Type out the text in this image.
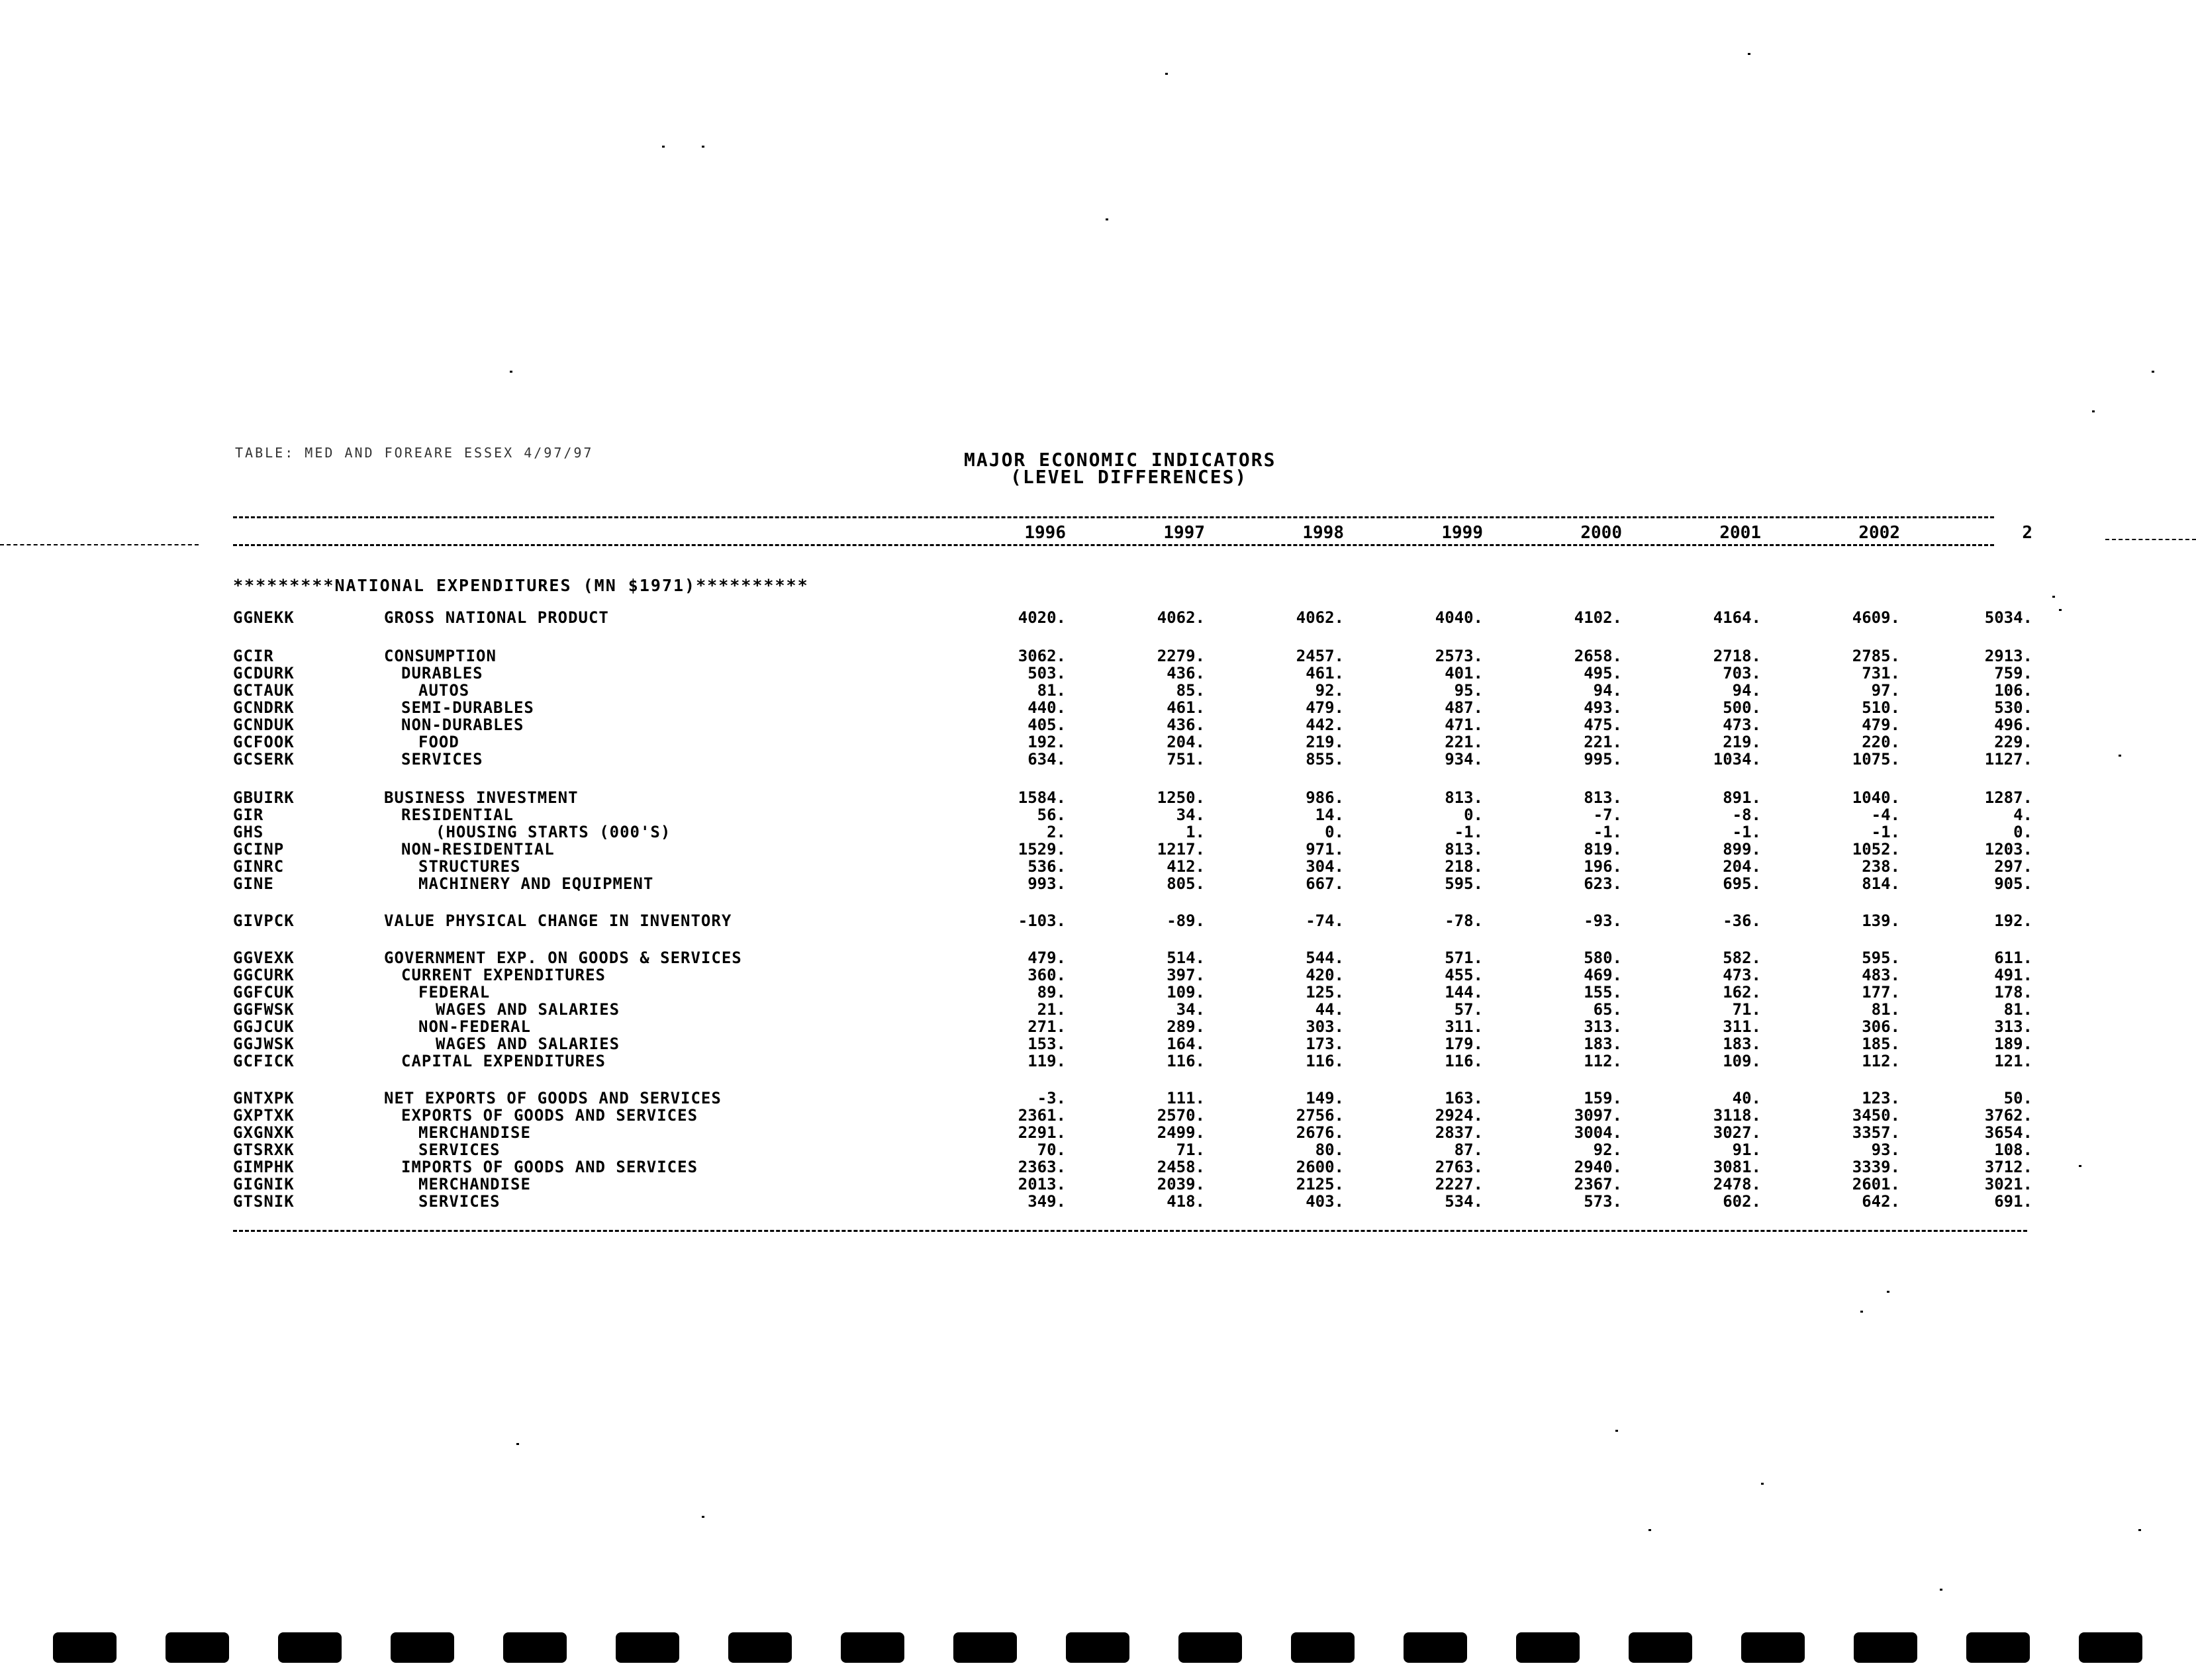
TABLE: MED AND FOREARE ESSEX 4/97/97	MAJOR ECONOMIC INDICATORS
(LEVEL DIFFERENCES)
1996	1997	1998	1999	2000	2001	2002	2
*********NATIONAL EXPENDITURES (MN $1971)**********
GGNEKK	GROSS NATIONAL PRODUCT	4020.	4062.	4062.	4040.	4102.	4164.	4609.	5034.
GCIR	CONSUMPTION	3062.	2279.	2457.	2573.	2658.	2718.	2785.	2913.
GCDURK	DURABLES	503.	436.	461.	401.	495.	703.	731.	759.
GCTAUK	AUTOS	81.	85.	92.	95.	94.	94.	97.	106.
GCNDRK	SEMI-DURABLES	440.	461.	479.	487.	493.	500.	510.	530.
GCNDUK	NON-DURABLES	405.	436.	442.	471.	475.	473.	479.	496.
GCFOOK	FOOD	192.	204.	219.	221.	221.	219.	220.	229.
GCSERK	SERVICES	634.	751.	855.	934.	995.	1034.	1075.	1127.
GBUIRK	BUSINESS INVESTMENT	1584.	1250.	986.	813.	813.	891.	1040.	1287.
GIR	RESIDENTIAL	56.	34.	14.	0.	-7.	-8.	-4.	4.
GHS	(HOUSING STARTS (000'S)	2.	1.	0.	-1.	-1.	-1.	-1.	0.
GCINP	NON-RESIDENTIAL	1529.	1217.	971.	813.	819.	899.	1052.	1203.
GINRC	STRUCTURES	536.	412.	304.	218.	196.	204.	238.	297.
GINE	MACHINERY AND EQUIPMENT	993.	805.	667.	595.	623.	695.	814.	905.
GIVPCK	VALUE PHYSICAL CHANGE IN INVENTORY	-103.	-89.	-74.	-78.	-93.	-36.	139.	192.
GGVEXK	GOVERNMENT EXP. ON GOODS & SERVICES	479.	514.	544.	571.	580.	582.	595.	611.
GGCURK	CURRENT EXPENDITURES	360.	397.	420.	455.	469.	473.	483.	491.
GGFCUK	FEDERAL	89.	109.	125.	144.	155.	162.	177.	178.
GGFWSK	WAGES AND SALARIES	21.	34.	44.	57.	65.	71.	81.	81.
GGJCUK	NON-FEDERAL	271.	289.	303.	311.	313.	311.	306.	313.
GGJWSK	WAGES AND SALARIES	153.	164.	173.	179.	183.	183.	185.	189.
GCFICK	CAPITAL EXPENDITURES	119.	116.	116.	116.	112.	109.	112.	121.
GNTXPK	NET EXPORTS OF GOODS AND SERVICES	-3.	111.	149.	163.	159.	40.	123.	50.
GXPTXK	EXPORTS OF GOODS AND SERVICES	2361.	2570.	2756.	2924.	3097.	3118.	3450.	3762.
GXGNXK	MERCHANDISE	2291.	2499.	2676.	2837.	3004.	3027.	3357.	3654.
GTSRXK	SERVICES	70.	71.	80.	87.	92.	91.	93.	108.
GIMPHK	IMPORTS OF GOODS AND SERVICES	2363.	2458.	2600.	2763.	2940.	3081.	3339.	3712.
GIGNIK	MERCHANDISE	2013.	2039.	2125.	2227.	2367.	2478.	2601.	3021.
GTSNIK	SERVICES	349.	418.	403.	534.	573.	602.	642.	691.
